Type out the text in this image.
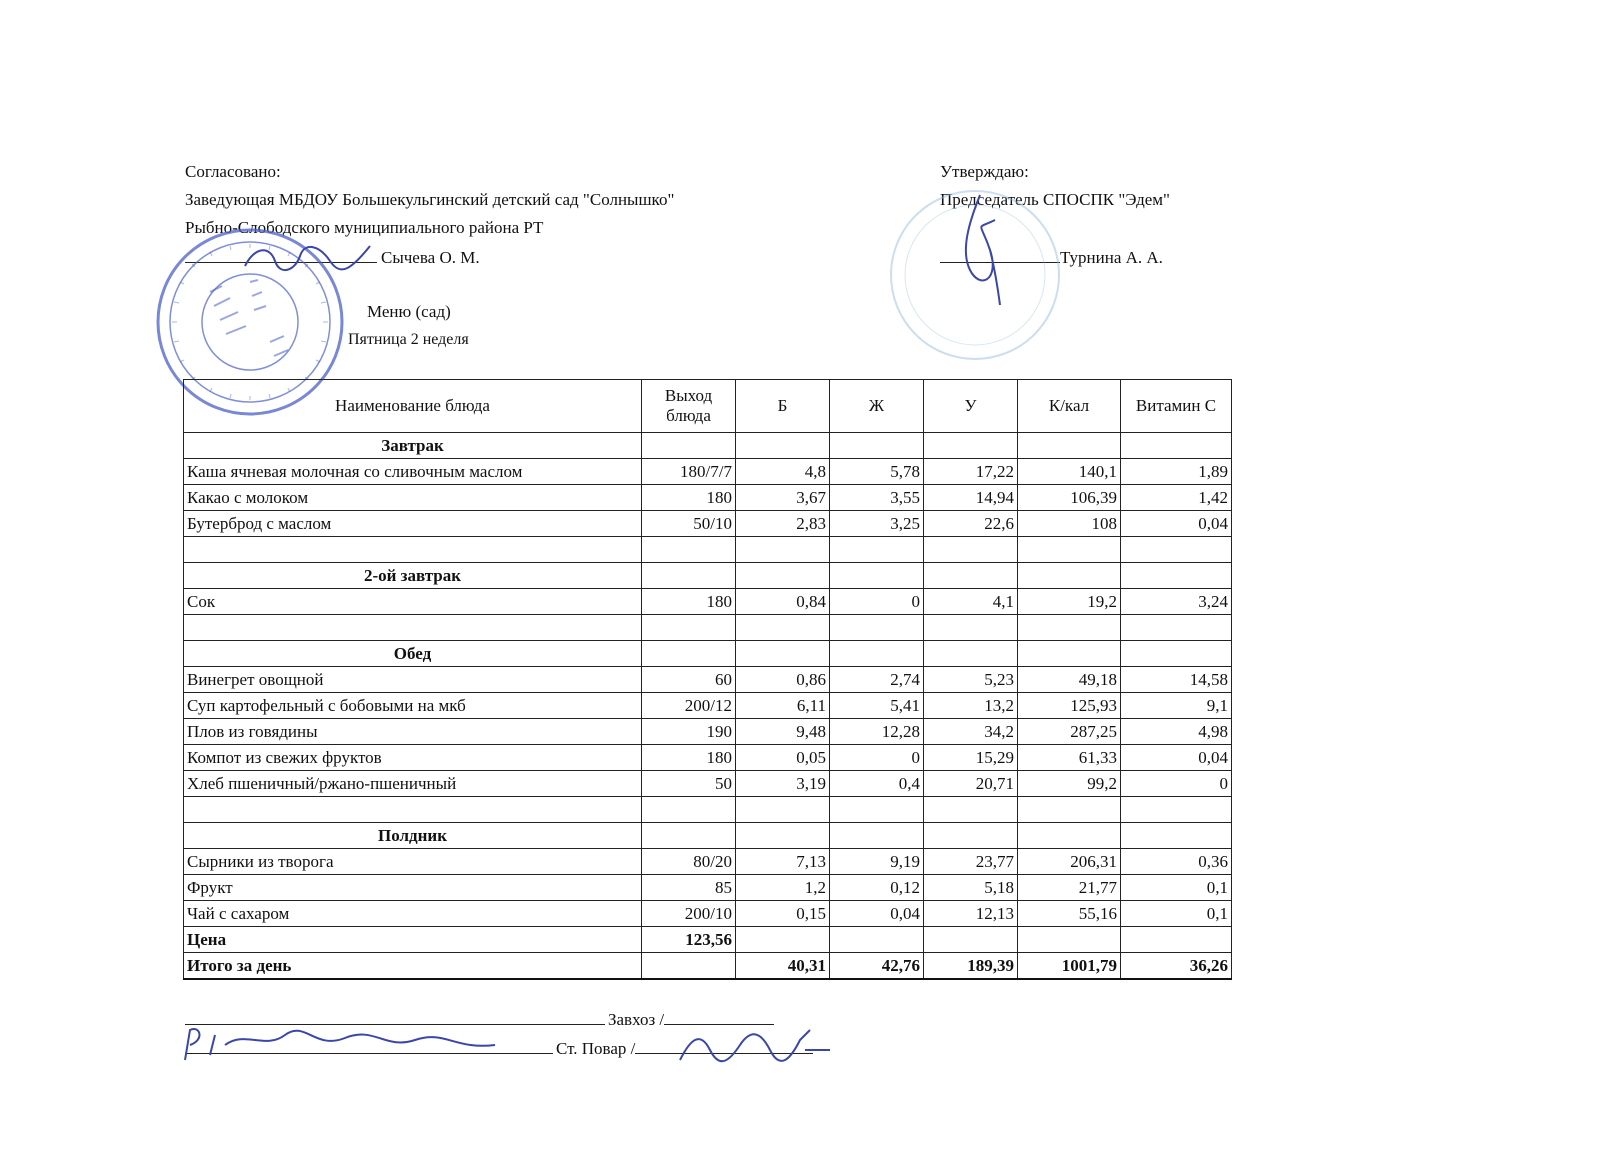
Согласовано:
Заведующая МБДОУ Большекульгинский детский сад "Солнышко"
Рыбно-Слободского муниципиального района РТ
Сычева О. М.
Утверждаю:
Председатель СПОСПК "Эдем"
Турнина А. А.
Меню (сад)
Пятница 2 неделя
Наименование блюда	Выход блюда	Б	Ж	У	К/кал	Витамин С
Завтрак						
Каша ячневая молочная со сливочным маслом	180/7/7	4,8	5,78	17,22	140,1	1,89
Какао с молоком	180	3,67	3,55	14,94	106,39	1,42
Бутерброд с маслом	50/10	2,83	3,25	22,6	108	0,04

2-ой завтрак						
Сок	180	0,84	0	4,1	19,2	3,24

Обед						
Винегрет овощной	60	0,86	2,74	5,23	49,18	14,58
Суп картофельный с бобовыми на мкб	200/12	6,11	5,41	13,2	125,93	9,1
Плов из говядины	190	9,48	12,28	34,2	287,25	4,98
Компот из свежих фруктов	180	0,05	0	15,29	61,33	0,04
Хлеб пшеничный/ржано-пшеничный	50	3,19	0,4	20,71	99,2	0

Полдник						
Сырники из творога	80/20	7,13	9,19	23,77	206,31	0,36
Фрукт	85	1,2	0,12	5,18	21,77	0,1
Чай с сахаром	200/10	0,15	0,04	12,13	55,16	0,1
Цена	123,56					
Итого за день		40,31	42,76	189,39	1001,79	36,26
Завхоз /
Ст. Повар /
